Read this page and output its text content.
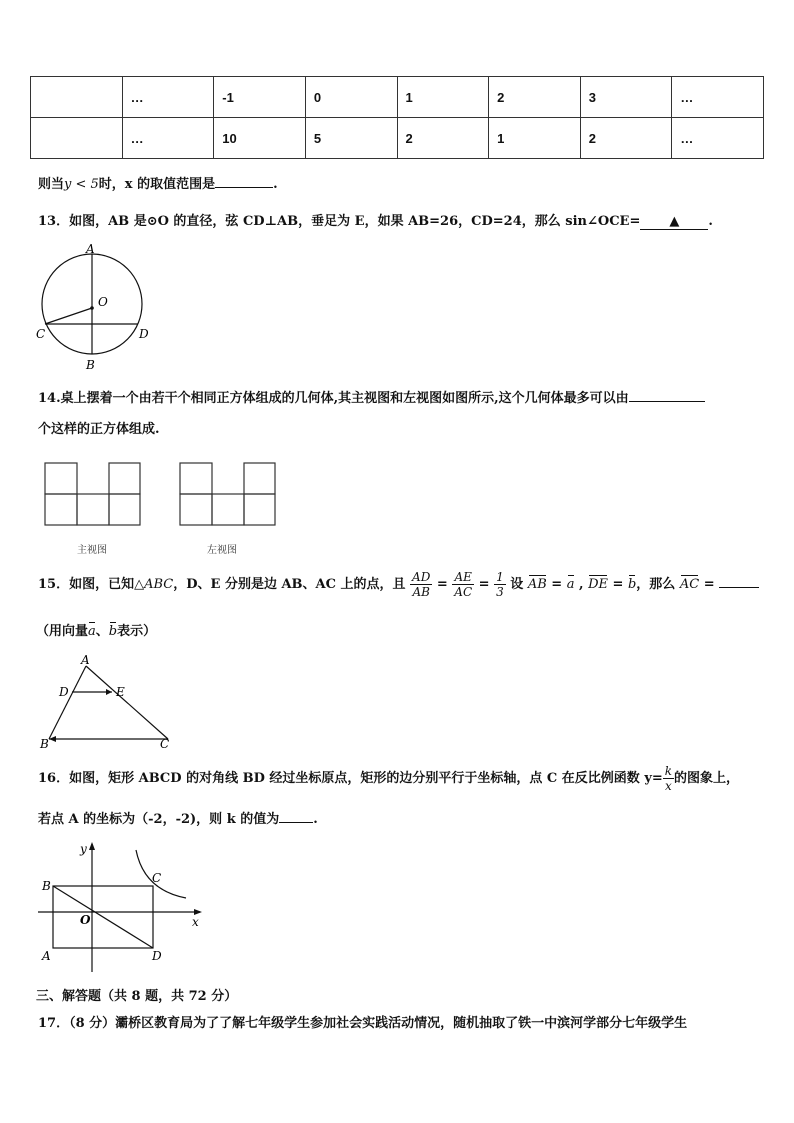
	…	-1	0	1	2	3	…
	…	10	5	2	1	2	…
则当y < 5时，x 的取值范围是	.
13．如图，AB 是⊙O 的直径，弦 CD⊥AB，垂足为 E，如果 AB=26，CD=24，那么 sin∠OCE= ▲ .
A
O
C	D
B
14.桌上摆着一个由若干个相同正方体组成的几何体,其主视图和左视图如图所示,这个几何体最多可以由
个这样的正方体组成.
主视图	左视图
15．如图，已知△ABC，D、E 分别是边 AB、AC 上的点，且 $\frac{AD}{AB} = \frac{AE}{AC} = \frac{1}{3}$ 设 AB = a , DE = b，那么 AC =
（用向量a、b表示）
A
D	E
B	C
16．如图，矩形 ABCD 的对角线 BD 经过坐标原点，矩形的边分别平行于坐标轴，点 C 在反比例函数 $y= \frac{k}{x}$ 的图象上，
若点 A 的坐标为（-2，-2)，则 k 的值为	.
y
C
B
O	x
A	D
三、解答题（共 8 题，共 72 分）
17．（8 分）灞桥区教育局为了了解七年级学生参加社会实践活动情况，随机抽取了铁一中滨河学部分七年级学生
